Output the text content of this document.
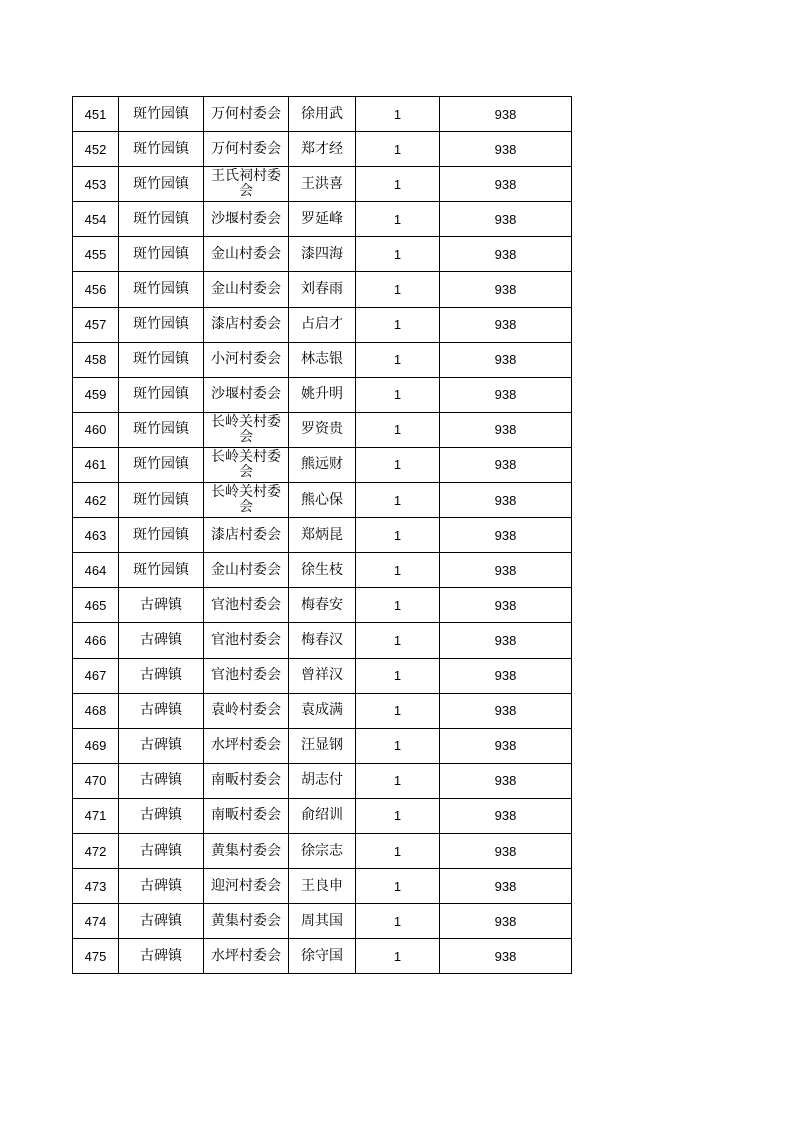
451	斑竹园镇	万何村委会	徐用武	1	938
452	斑竹园镇	万何村委会	郑才经	1	938
453	斑竹园镇	王氏祠村委会	王洪喜	1	938
454	斑竹园镇	沙堰村委会	罗延峰	1	938
455	斑竹园镇	金山村委会	漆四海	1	938
456	斑竹园镇	金山村委会	刘春雨	1	938
457	斑竹园镇	漆店村委会	占启才	1	938
458	斑竹园镇	小河村委会	林志银	1	938
459	斑竹园镇	沙堰村委会	姚升明	1	938
460	斑竹园镇	长岭关村委会	罗资贵	1	938
461	斑竹园镇	长岭关村委会	熊远财	1	938
462	斑竹园镇	长岭关村委会	熊心保	1	938
463	斑竹园镇	漆店村委会	郑炳昆	1	938
464	斑竹园镇	金山村委会	徐生枝	1	938
465	古碑镇	官池村委会	梅春安	1	938
466	古碑镇	官池村委会	梅春汉	1	938
467	古碑镇	官池村委会	曾祥汉	1	938
468	古碑镇	袁岭村委会	袁成满	1	938
469	古碑镇	水坪村委会	汪显钢	1	938
470	古碑镇	南畈村委会	胡志付	1	938
471	古碑镇	南畈村委会	俞绍训	1	938
472	古碑镇	黄集村委会	徐宗志	1	938
473	古碑镇	迎河村委会	王良申	1	938
474	古碑镇	黄集村委会	周其国	1	938
475	古碑镇	水坪村委会	徐守国	1	938
